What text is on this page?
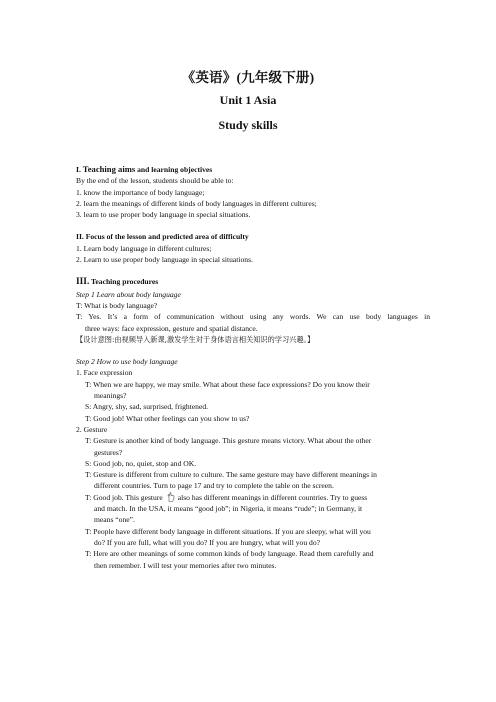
《英语》(九年级下册)
Unit 1 Asia
Study skills
I. Teaching aims and learning objectives
By the end of the lesson, students should be able to:
1. know the importance of body language;
2. learn the meanings of different kinds of body languages in different cultures;
3. learn to use proper body language in special situations.
II. Focus of the lesson and predicted area of difficulty
1. Learn body language in different cultures;
2. Learn to use proper body language in special situations.
III. Teaching procedures
Step 1 Learn about body language
T: What is body language?
T: Yes. It’s a form of communication without using any words. We can use body languages in
three ways: face expression, gesture and spatial distance.
【设计意图:由视频导入新课,激发学生对于身体语言相关知识的学习兴趣。】
Step 2 How to use body language
1. Face expression
T: When we are happy, we may smile. What about these face expressions? Do you know their
meanings?
S: Angry, shy, sad, surprised, frightened.
T: Good job! What other feelings can you show to us?
2. Gesture
T: Gesture is another kind of body language. This gesture means victory. What about the other
gestures?
S: Good job, no, quiet, stop and OK.
T: Gesture is different from culture to culture. The same gesture may have different meanings in
different countries. Turn to page 17 and try to complete the table on the screen.
T: Good job. This gesture also has different meanings in different countries. Try to guess
and match. In the USA, it means “good job”; in Nigeria, it means “rude”; in Germany, it
means “one”.
T: People have different body language in different situations. If you are sleepy, what will you
do? If you are full, what will you do? If you are hungry, what will you do?
T: Here are other meanings of some common kinds of body language. Read them carefully and
then remember. I will test your memories after two minutes.
